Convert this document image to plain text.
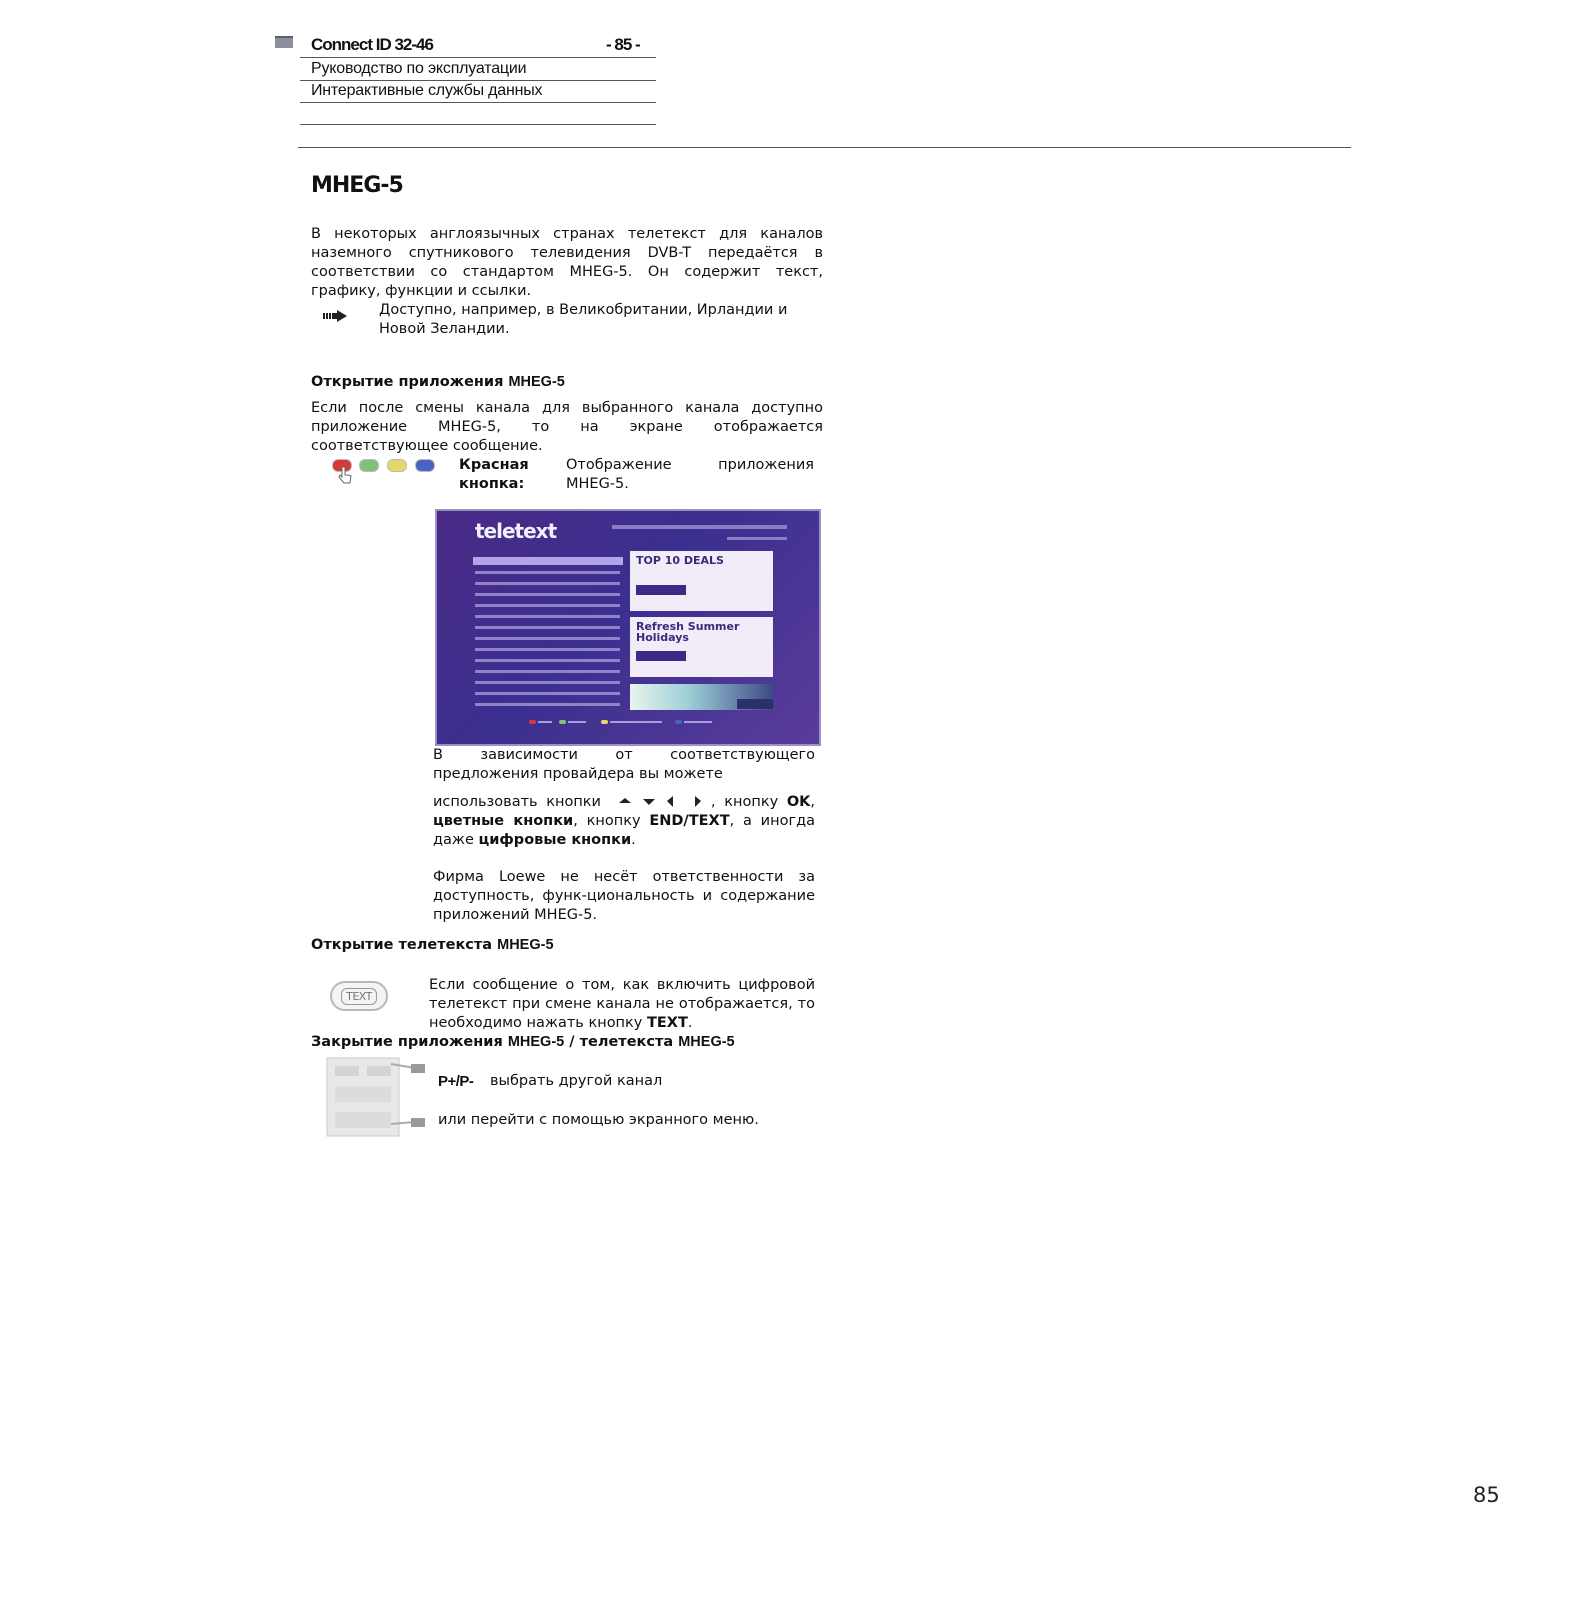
Connect ID 32-46	- 85 -
Руководство по эксплуатации
Интерактивные службы данных
MHEG-5
В некоторых англоязычных странах телетекст для каналов наземного спутникового телевидения DVB-T передаётся в соответствии со стандартом MHEG-5. Он содержит текст, графику, функции и ссылки.
Доступно, например, в Великобритании, Ирландии и Новой Зеландии.
Открытие приложения MHEG-5
Если после смены канала для выбранного канала доступно приложение MHEG-5, то на экране отображается соответствующее сообщение.
Красная кнопка:
Отображение приложения MHEG-5.
teletext
TOP 10 DEALS
Refresh Summer Holidays
В зависимости от соответствующего предложения провайдера вы можете
использовать кнопки	, кнопку OK, цветные кнопки, кнопку END/TEXT, а иногда даже цифровые кнопки.
Фирма Loewe не несёт ответственности за доступность, функ-циональность и содержание приложений MHEG-5.
Открытие телетекста MHEG-5
TEXT
Если сообщение о том, как включить цифровой телетекст при смене канала не отображается, то необходимо нажать кнопку TEXT.
Закрытие приложения MHEG-5 / телетекста MHEG-5
P+/P- выбрать другой канал
или перейти с помощью экранного меню.
85
